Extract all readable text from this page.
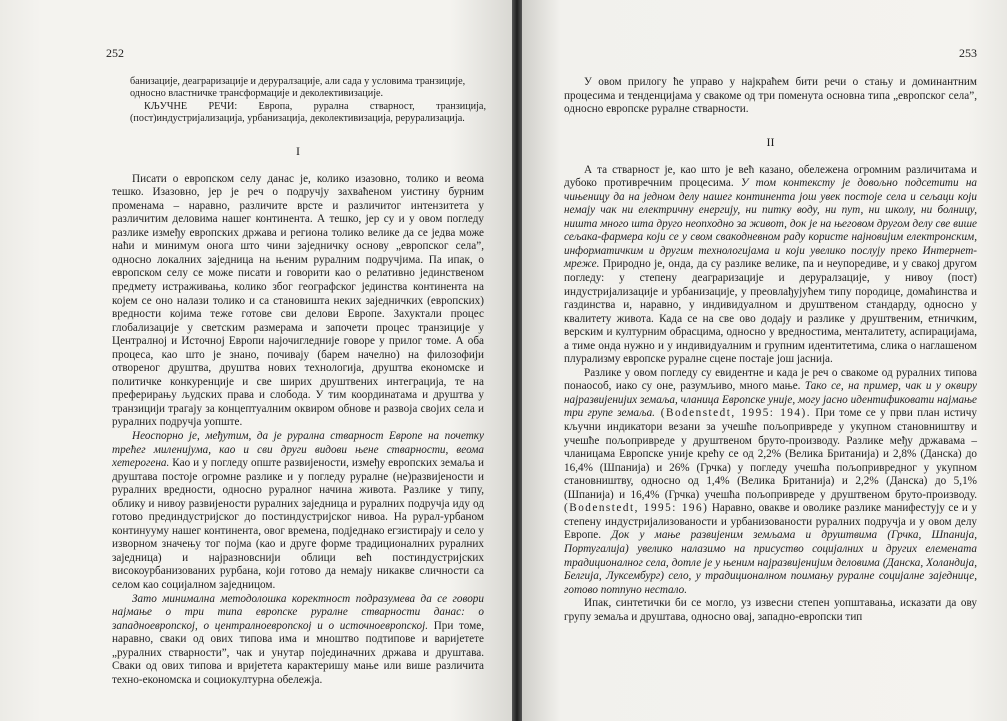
252

банизације, деаграризације и деруралзације, али сада у условима транзиције,

односно властничке трансформације и деколективизације.

КЉУЧНЕ РЕЧИ: Европа, рурална стварност, транзиција, (пост)индустријализација, урбанизација, деколективизација, рерурализација.

I

Писати о европском селу данас је, колико изазовно, толико и веома тешко. Изазовно, јер је реч о подручју захваћеном уистину бурним променама – наравно, различите врсте и различитог интензитета у различитим деловима нашег континента. А тешко, јер су и у овом погледу разлике између европских држава и региона толико велике да се једва може наћи и минимум онога што чини заједничку основу „европског села”, односно локалних заједница на њеним руралним подручјима. Па ипак, о европском селу се може писати и говорити као о релативно јединственом предмету истраживања, колико због географског јединства континента на којем се оно налази толико и са становишта неких заједничких (европских) вредности којима теже готове сви делови Европе. Захуктали процес глобализације у светским размерама и започети процес транзиције у Централној и Источној Европи најочигледније говоре у прилог томе. А оба процеса, као што је знано, почивају (барем начелно) на филозофији отвореног друштва, друштва нових технологија, друштва економске и политичке конкуренције и све ширих друштвених интеграција, те на преферирању људских права и слобода. У тим координатама и друштва у транзицији трагају за концептуалним оквиром обнове и развоја својих села и руралних подручја уопште.

Неоспорно је, међутим, да је рурална стварност Европе на почетку трећег миленијума, као и сви други видови њене стварности, веома хетерогена. Као и у погледу опште развијености, између европских земаља и друштава постоје огромне разлике и у погледу руралне (не)развијености и руралних вредности, односно руралног начина живота. Разлике у типу, облику и нивоу развијености руралних заједница и руралних подручја иду од готово прединдустријског до постиндустријског нивоа. На рурал-урбаном континууму нашег континента, овог времена, подједнако егзистирају и село у изворном значењу тог појма (као и друге форме традиционалних руралних заједница) и најразновснији облици већ постиндустријских високоурбанизованих рурбана, који готово да немају никакве сличности са селом као социјалном заједницом.

Зато минимална методолошка коректност подразумева да се говори најмање о три типа европске руралне стварности данас: о западноевропској, о централноевропској и о источноевропској. При томе, наравно, сваки од ових типова има и мноштво подтипове и варијетете „руралних стварности”, чак и унутар појединачних држава и друштава. Сваки од ових типова и вријетета карактеришу мање или више различита техно-економска и социокултурна обележја.

253

У овом прилогу ће управо у најкраћем бити речи о стању и доминантним процесима и тенденцијама у свакоме од три поменута основна типа „европског села”, односно европске руралне стварности.

II

А та стварност је, као што је већ казано, обележена огромним различитама и дубоко противречним процесима. У том контексту је довољно подсетити на чињеницу да на једном делу нашег континента још увек постоје села и сељаци који немају чак ни електричну енергију, ни питку воду, ни пут, ни школу, ни болницу, ништа много шта друго неопходно за живот, док је на његовом другом делу све више сељака-фармера који се у свом свакодневном раду користе најновијим електронским, информатичким и другим технологијама и који увелико послују преко Интернет-мреже. Природно је, онда, да су разлике велике, па и неупоредиве, и у свакој другом погледу: у степену деаграризације и деруралзације, у нивоу (пост) индустријализације и урбанизације, у преовлађујућем типу породице, домаћинства и газдинства и, наравно, у индивидуалном и друштвеном стандарду, односно у квалитету живота. Када се на све ово додају и разлике у друштвеним, етничким, верским и културним обрасцима, односно у вредностима, менталитету, аспирацијама, а тиме онда нужно и у индивидуалним и групним идентитетима, слика о наглашеном плурализму европске руралне сцене постаје још јаснија.

Разлике у овом погледу су евидентне и када је реч о свакоме од руралних типова понаособ, иако су оне, разумљиво, много мање. Тако се, на пример, чак и у оквиру најразвијенијих земаља, чланица Европске уније, могу јасно идентификовати најмање три групе земаља. (Bodenstedt, 1995: 194). При томе се у први план истичу кључни индикатори везани за учешће пољопривреде у укупном становништву и учешће пољопривреде у друштвеном бруто-производу. Разлике међу државама – чланицама Европске уније крећу се од 2,2% (Велика Британија) и 2,8% (Данска) до 16,4% (Шпанија) и 26% (Грчка) у погледу учешћа пољопривредног у укупном становништву, односно од 1,4% (Велика Британија) и 2,2% (Данска) до 5,1% (Шпанија) и 16,4% (Грчка) учешћа пољопривреде у друштвеном бруто-производу. (Bodenstedt, 1995: 196) Наравно, овакве и оволике разлике манифестују се и у степену индустријализованости и урбанизованости руралних подручја и у овом делу Европе. Док у мање развијеним земљама и друштвима (Грчка, Шпанија, Португалија) увелико налазимо на присуство социјалних и других елемената традиционалног села, дотле је у њеним најразвијенијим деловима (Данска, Холандија, Белгија, Луксембург) село, у традиционалном поимању руралне социјалне заједнице, готово потпуно нестало.

Ипак, синтетички би се могло, уз извесни степен уопштавања, исказати да ову групу земаља и друштава, односно овај, западно-европски тип
